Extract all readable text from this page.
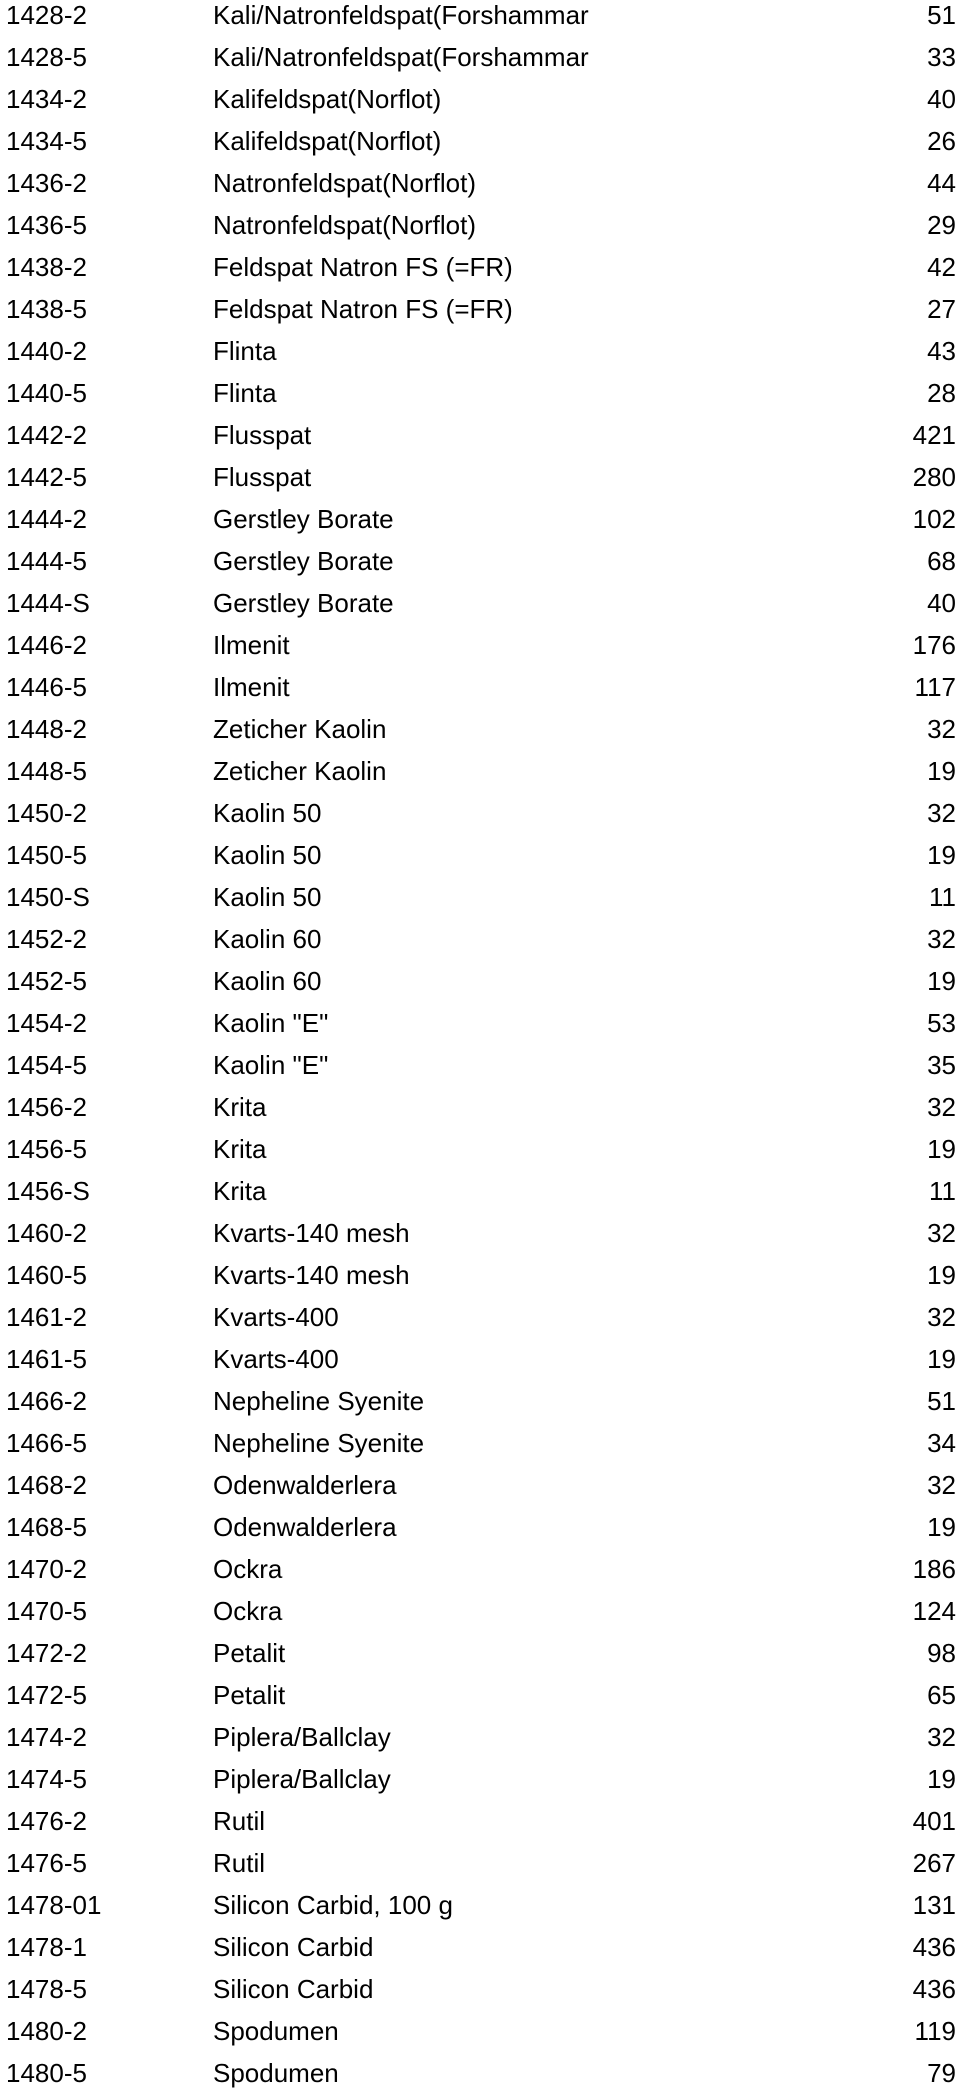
1428-2	Kali/Natronfeldspat(Forshammar	51
1428-5	Kali/Natronfeldspat(Forshammar	33
1434-2	Kalifeldspat(Norflot)	40
1434-5	Kalifeldspat(Norflot)	26
1436-2	Natronfeldspat(Norflot)	44
1436-5	Natronfeldspat(Norflot)	29
1438-2	Feldspat Natron FS (=FR)	42
1438-5	Feldspat Natron FS (=FR)	27
1440-2	Flinta	43
1440-5	Flinta	28
1442-2	Flusspat	421
1442-5	Flusspat	280
1444-2	Gerstley Borate	102
1444-5	Gerstley Borate	68
1444-S	Gerstley Borate	40
1446-2	Ilmenit	176
1446-5	Ilmenit	117
1448-2	Zeticher Kaolin	32
1448-5	Zeticher Kaolin	19
1450-2	Kaolin 50	32
1450-5	Kaolin 50	19
1450-S	Kaolin 50	11
1452-2	Kaolin 60	32
1452-5	Kaolin 60	19
1454-2	Kaolin "E"	53
1454-5	Kaolin "E"	35
1456-2	Krita	32
1456-5	Krita	19
1456-S	Krita	11
1460-2	Kvarts-140 mesh	32
1460-5	Kvarts-140 mesh	19
1461-2	Kvarts-400	32
1461-5	Kvarts-400	19
1466-2	Nepheline Syenite	51
1466-5	Nepheline Syenite	34
1468-2	Odenwalderlera	32
1468-5	Odenwalderlera	19
1470-2	Ockra	186
1470-5	Ockra	124
1472-2	Petalit	98
1472-5	Petalit	65
1474-2	Piplera/Ballclay	32
1474-5	Piplera/Ballclay	19
1476-2	Rutil	401
1476-5	Rutil	267
1478-01	Silicon Carbid, 100 g	131
1478-1	Silicon Carbid	436
1478-5	Silicon Carbid	436
1480-2	Spodumen	119
1480-5	Spodumen	79
